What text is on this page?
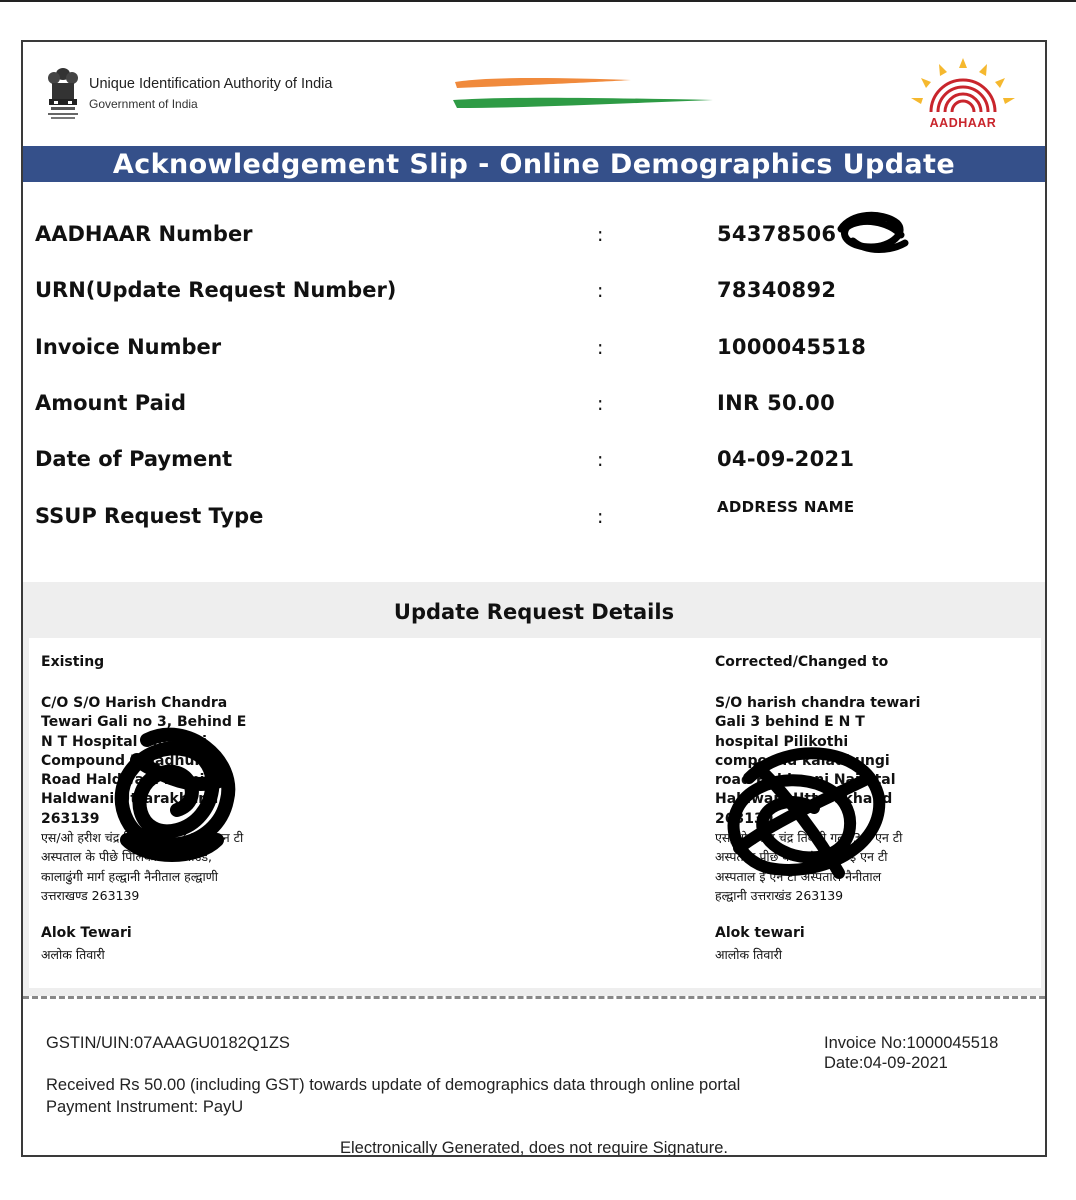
Unique Identification Authority of India
Government of India
AADHAAR
Acknowledgement Slip - Online Demographics Update
AADHAAR Number	:	54378506
URN(Update Request Number)	:	78340892
Invoice Number	:	1000045518
Amount Paid	:	INR 50.00
Date of Payment	:	04-09-2021
SSUP Request Type	:	ADDRESS NAME
Update Request Details
Existing
C/O S/O Harish Chandra
Tewari Gali no 3, Behind E
N T Hospital Pilikothi
Compound Kaladhungi
Road Haldwani Nainital
Haldwani Uttarakhand
263139
एस/ओ हरीश चंद्र तिवारी गली न 3, ई एन टी
अस्पताल के पीछे पिलिकोठी कॉंपाउंड,
कालाढुंगी मार्ग हल्द्वानी नैनीताल हल्द्वाणी
उत्तराखण्ड 263139
Alok Tewari
अलोक तिवारी
Corrected/Changed to
S/O harish chandra tewari
Gali 3 behind E N T
hospital Pilikothi
compound kaladhungi
road Haldwani Nainital
Haldwani Uttarakhand
263139
एस/ओ हरीश चंद्र तिवारी गली 3 ई एन टी
अस्पताल पीछे कालाढुंगी मार्ग ई एन टी
अस्पताल ई एन टी अस्पताल नैनीताल
हल्द्वानी उत्तराखंड 263139
Alok tewari
आलोक तिवारी
GSTIN/UIN:07AAAGU0182Q1ZS	Invoice No:1000045518
Date:04-09-2021
Received Rs 50.00 (including GST) towards update of demographics data through online portal
Payment Instrument: PayU
Electronically Generated, does not require Signature.
